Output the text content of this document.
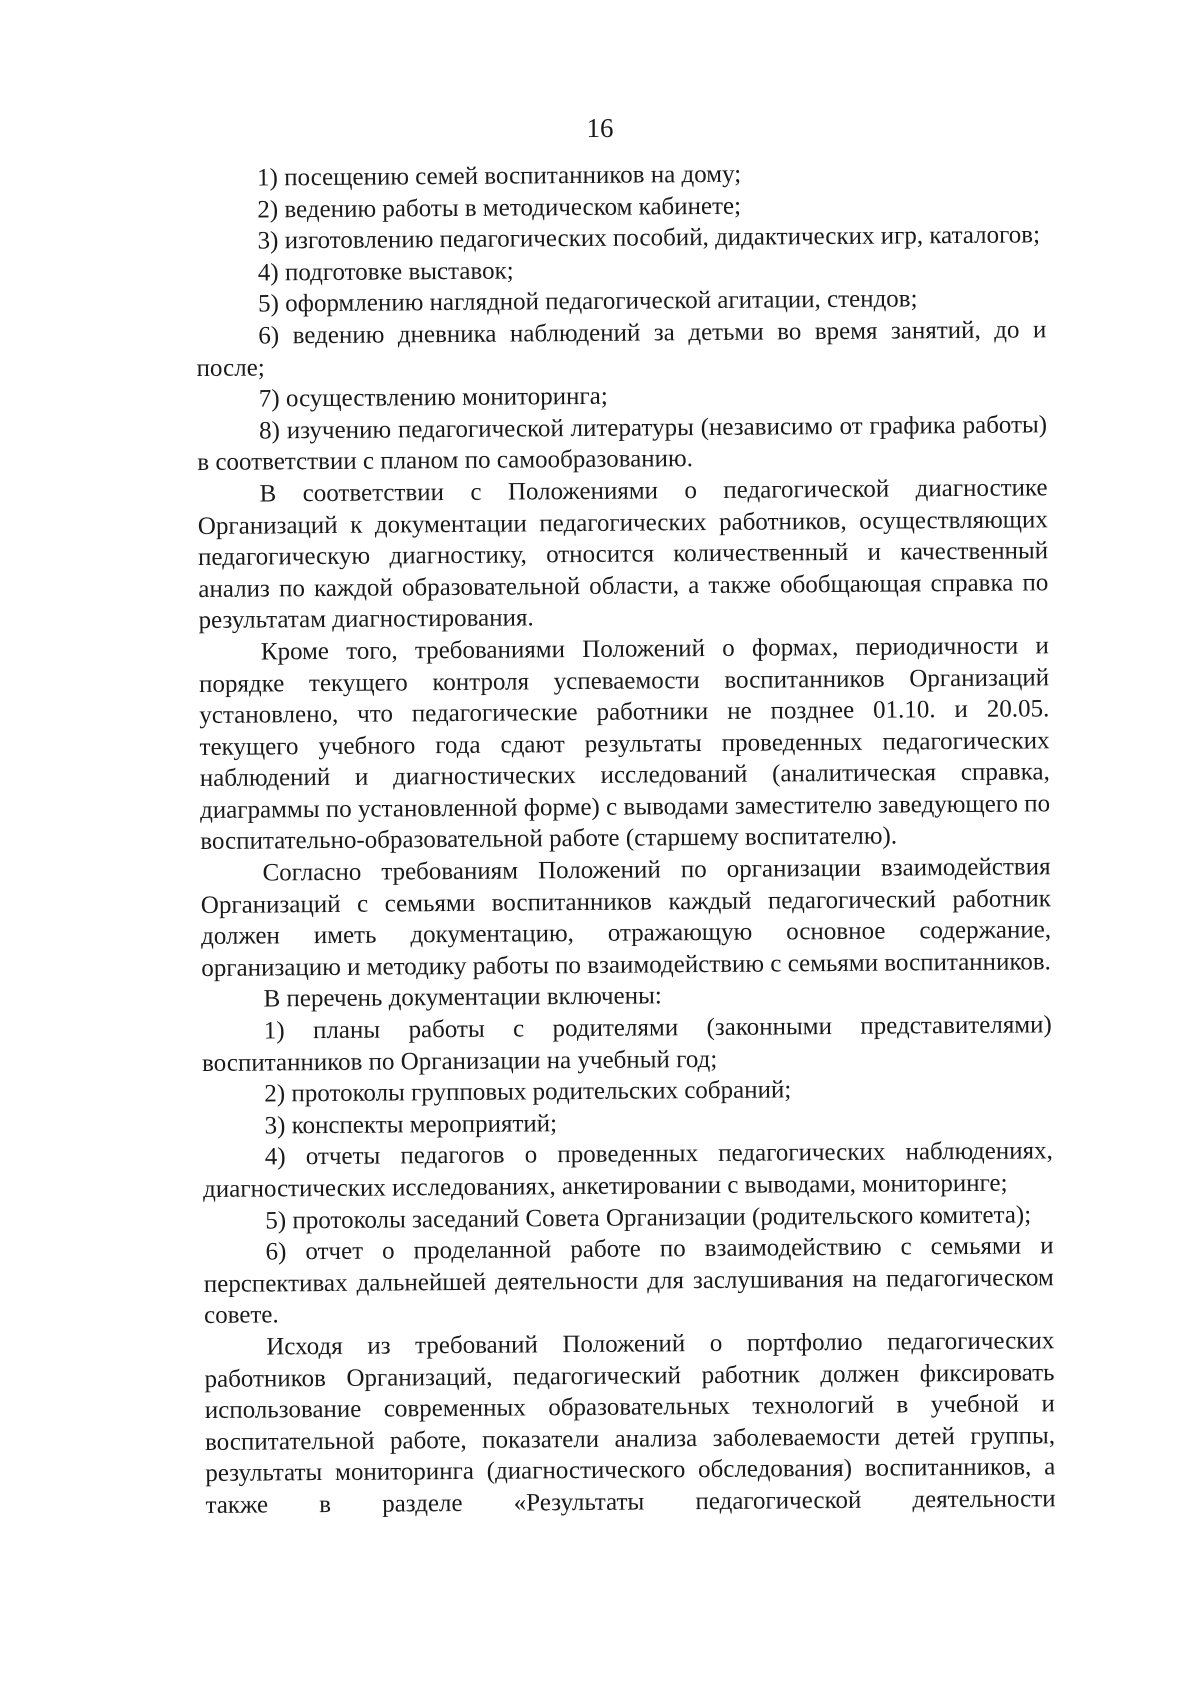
16

1) посещению семей воспитанников на дому;

2) ведению работы в методическом кабинете;

3) изготовлению педагогических пособий, дидактических игр, каталогов;

4) подготовке выставок;

5) оформлению наглядной педагогической агитации, стендов;

6) ведению дневника наблюдений за детьми во время занятий, до и после;

7) осуществлению мониторинга;

8) изучению педагогической литературы (независимо от графика работы) в соответствии с планом по самообразованию.

В соответствии с Положениями о педагогической диагностике Организаций к документации педагогических работников, осуществляющих педагогическую диагностику, относится количественный и качественный анализ по каждой образовательной области, а также обобщающая справка по результатам диагностирования.

Кроме того, требованиями Положений о формах, периодичности и порядке текущего контроля успеваемости воспитанников Организаций установлено, что педагогические работники не позднее 01.10. и 20.05. текущего учебного года сдают результаты проведенных педагогических наблюдений и диагностических исследований (аналитическая справка, диаграммы по установленной форме) с выводами заместителю заведующего по воспитательно-образовательной работе (старшему воспитателю).

Согласно требованиям Положений по организации взаимодействия Организаций с семьями воспитанников каждый педагогический работник должен иметь документацию, отражающую основное содержание, организацию и методику работы по взаимодействию с семьями воспитанников.

В перечень документации включены:

1) планы работы с родителями (законными представителями) воспитанников по Организации на учебный год;

2) протоколы групповых родительских собраний;

3) конспекты мероприятий;

4) отчеты педагогов о проведенных педагогических наблюдениях, диагностических исследованиях, анкетировании с выводами, мониторинге;

5) протоколы заседаний Совета Организации (родительского комитета);

6) отчет о проделанной работе по взаимодействию с семьями и перспективах дальнейшей деятельности для заслушивания на педагогическом совете.

Исходя из требований Положений о портфолио педагогических работников Организаций, педагогический работник должен фиксировать использование современных образовательных технологий в учебной и воспитательной работе, показатели анализа заболеваемости детей группы, результаты мониторинга (диагностического обследования) воспитанников, а также в разделе «Результаты педагогической деятельности
